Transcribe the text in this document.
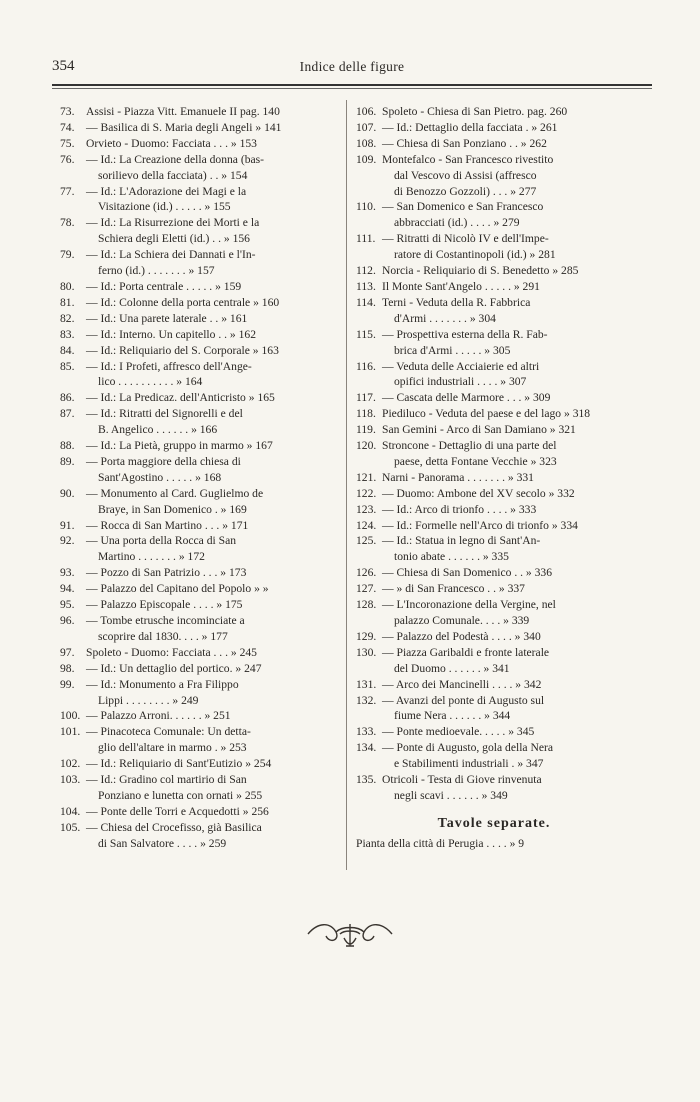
354	Indice delle figure
73. Assisi - Piazza Vitt. Emanuele II pag. 140
74. — Basilica di S. Maria degli Angeli » 141
75. Orvieto - Duomo: Facciata . . . » 153
76. — Id.: La Creazione della donna (bas-
sorilievo della facciata) . . » 154
77. — Id.: L'Adorazione dei Magi e la
Visitazione (id.) . . . . . » 155
78. — Id.: La Risurrezione dei Morti e la
Schiera degli Eletti (id.) . . » 156
79. — Id.: La Schiera dei Dannati e l'In-
ferno (id.) . . . . . . . » 157
80. — Id.: Porta centrale . . . . . » 159
81. — Id.: Colonne della porta centrale » 160
82. — Id.: Una parete laterale . . » 161
83. — Id.: Interno. Un capitello . . » 162
84. — Id.: Reliquiario del S. Corporale » 163
85. — Id.: I Profeti, affresco dell'Ange-
lico . . . . . . . . . . » 164
86. — Id.: La Predicaz. dell'Anticristo » 165
87. — Id.: Ritratti del Signorelli e del
B. Angelico . . . . . . » 166
88. — Id.: La Pietà, gruppo in marmo » 167
89. — Porta maggiore della chiesa di
Sant'Agostino . . . . . » 168
90. — Monumento al Card. Guglielmo de
Braye, in San Domenico . » 169
91. — Rocca di San Martino . . . » 171
92. — Una porta della Rocca di San
Martino . . . . . . . » 172
93. — Pozzo di San Patrizio . . . » 173
94. — Palazzo del Capitano del Popolo » »
95. — Palazzo Episcopale . . . . » 175
96. — Tombe etrusche incominciate a
scoprire dal 1830. . . . » 177
97. Spoleto - Duomo: Facciata . . . » 245
98. — Id.: Un dettaglio del portico. » 247
99. — Id.: Monumento a Fra Filippo
Lippi . . . . . . . . » 249
100. — Palazzo Arroni. . . . . . » 251
101. — Pinacoteca Comunale: Un detta-
glio dell'altare in marmo . » 253
102. — Id.: Reliquiario di Sant'Eutizio » 254
103. — Id.: Gradino col martirio di San
Ponziano e lunetta con ornati » 255
104. — Ponte delle Torri e Acquedotti » 256
105. — Chiesa del Crocefisso, già Basilica
di San Salvatore . . . . » 259
106. Spoleto - Chiesa di San Pietro. pag. 260
107. — Id.: Dettaglio della facciata . » 261
108. — Chiesa di San Ponziano . . » 262
109. Montefalco - San Francesco rivestito
dal Vescovo di Assisi (affresco
di Benozzo Gozzoli) . . . » 277
110. — San Domenico e San Francesco
abbracciati (id.) . . . . » 279
111. — Ritratti di Nicolò IV e dell'Impe-
ratore di Costantinopoli (id.) » 281
112. Norcia - Reliquiario di S. Benedetto » 285
113. Il Monte Sant'Angelo . . . . . » 291
114. Terni - Veduta della R. Fabbrica
d'Armi . . . . . . . » 304
115. — Prospettiva esterna della R. Fab-
brica d'Armi . . . . . » 305
116. — Veduta delle Acciaierie ed altri
opifici industriali . . . . » 307
117. — Cascata delle Marmore . . . » 309
118. Piediluco - Veduta del paese e del lago » 318
119. San Gemini - Arco di San Damiano » 321
120. Stroncone - Dettaglio di una parte del
paese, detta Fontane Vecchie » 323
121. Narni - Panorama . . . . . . . » 331
122. — Duomo: Ambone del XV secolo » 332
123. — Id.: Arco di trionfo . . . . » 333
124. — Id.: Formelle nell'Arco di trionfo » 334
125. — Id.: Statua in legno di Sant'An-
tonio abate . . . . . . » 335
126. — Chiesa di San Domenico . . » 336
127. — » di San Francesco . . » 337
128. — L'Incoronazione della Vergine, nel
palazzo Comunale. . . . » 339
129. — Palazzo del Podestà . . . . » 340
130. — Piazza Garibaldi e fronte laterale
del Duomo . . . . . . » 341
131. — Arco dei Mancinelli . . . . » 342
132. — Avanzi del ponte di Augusto sul
fiume Nera . . . . . . » 344
133. — Ponte medioevale. . . . . » 345
134. — Ponte di Augusto, gola della Nera
e Stabilimenti industriali . » 347
135. Otricoli - Testa di Giove rinvenuta
negli scavi . . . . . . » 349
Tavole separate.
Pianta della città di Perugia . . . . » 9
